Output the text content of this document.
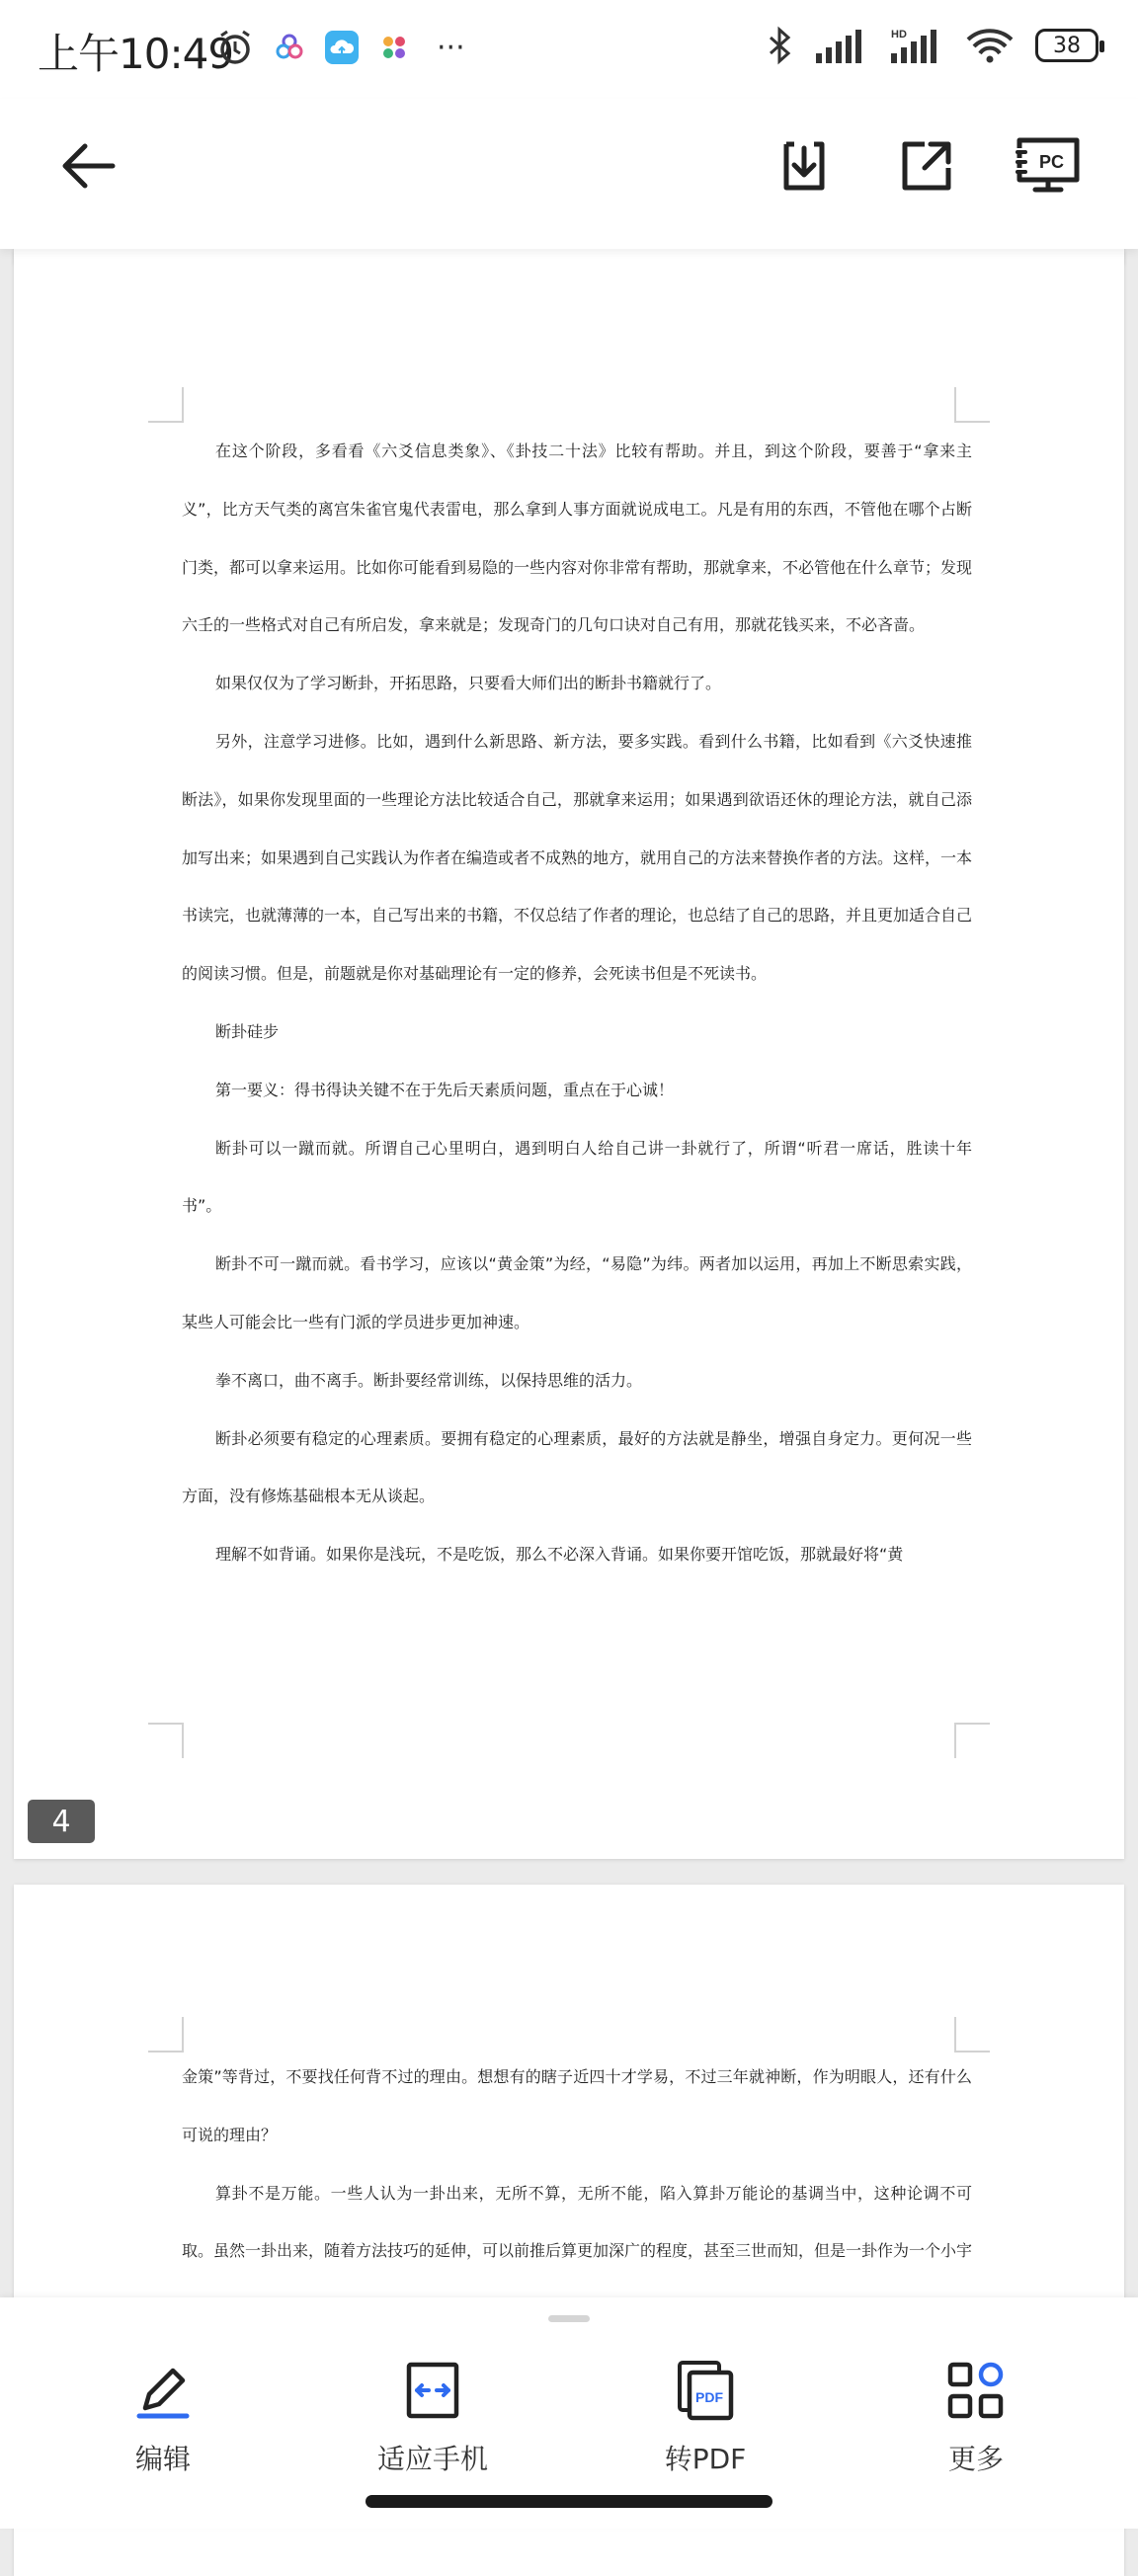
上午10:49	···	HD	38
PC

在这个阶段，多看看《六爻信息类象》、《卦技二十法》比较有帮助。并且，到这个阶段，要善于“拿来主义”，比方天气类的离宫朱雀官鬼代表雷电，那么拿到人事方面就说成电工。凡是有用的东西，不管他在哪个占断门类，都可以拿来运用。比如你可能看到易隐的一些内容对你非常有帮助，那就拿来，不必管他在什么章节；发现六壬的一些格式对自己有所启发，拿来就是；发现奇门的几句口诀对自己有用，那就花钱买来，不必吝啬。

如果仅仅为了学习断卦，开拓思路，只要看大师们出的断卦书籍就行了。

另外，注意学习进修。比如，遇到什么新思路、新方法，要多实践。看到什么书籍，比如看到《六爻快速推断法》，如果你发现里面的一些理论方法比较适合自己，那就拿来运用；如果遇到欲语还休的理论方法，就自己添加写出来；如果遇到自己实践认为作者在编造或者不成熟的地方，就用自己的方法来替换作者的方法。这样，一本书读完，也就薄薄的一本，自己写出来的书籍，不仅总结了作者的理论，也总结了自己的思路，并且更加适合自己的阅读习惯。但是，前题就是你对基础理论有一定的修养，会死读书但是不死读书。

断卦硅步

第一要义：得书得诀关键不在于先后天素质问题，重点在于心诚！

断卦可以一蹴而就。所谓自己心里明白，遇到明白人给自己讲一卦就行了，所谓“听君一席话，胜读十年书”。

断卦不可一蹴而就。看书学习，应该以“黄金策”为经，“易隐”为纬。两者加以运用，再加上不断思索实践，某些人可能会比一些有门派的学员进步更加神速。

拳不离口，曲不离手。断卦要经常训练，以保持思维的活力。

断卦必须要有稳定的心理素质。要拥有稳定的心理素质，最好的方法就是静坐，增强自身定力。更何况一些方面，没有修炼基础根本无从谈起。

理解不如背诵。如果你是浅玩，不是吃饭，那么不必深入背诵。如果你要开馆吃饭，那就最好将“黄

4

金策”等背过，不要找任何背不过的理由。想想有的瞎子近四十才学易，不过三年就神断，作为明眼人，还有什么可说的理由？

算卦不是万能。一些人认为一卦出来，无所不算，无所不能，陷入算卦万能论的基调当中，这种论调不可取。虽然一卦出来，随着方法技巧的延伸，可以前推后算更加深广的程度，甚至三世而知，但是一卦作为一个小宇

编辑	适应手机
PDF
转PDF	更多
